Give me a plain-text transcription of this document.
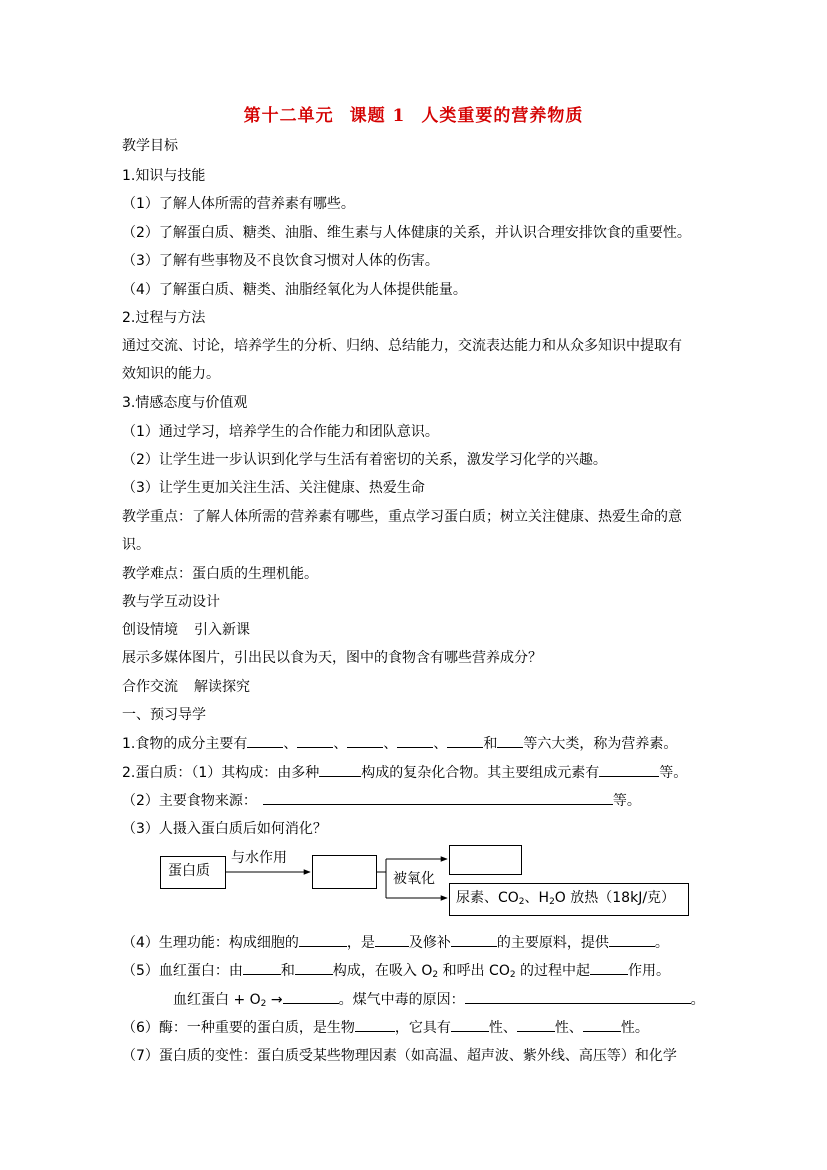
第十二单元 课题 1 人类重要的营养物质
教学目标
1.知识与技能
（1）了解人体所需的营养素有哪些。
（2）了解蛋白质、糖类、油脂、维生素与人体健康的关系，并认识合理安排饮食的重要性。
（3）了解有些事物及不良饮食习惯对人体的伤害。
（4）了解蛋白质、糖类、油脂经氧化为人体提供能量。
2.过程与方法
通过交流、讨论，培养学生的分析、归纳、总结能力，交流表达能力和从众多知识中提取有
效知识的能力。
3.情感态度与价值观
（1）通过学习，培养学生的合作能力和团队意识。
（2）让学生进一步认识到化学与生活有着密切的关系，激发学习化学的兴趣。
（3）让学生更加关注生活、关注健康、热爱生命
教学重点：了解人体所需的营养素有哪些，重点学习蛋白质；树立关注健康、热爱生命的意
识。
教学难点：蛋白质的生理机能。
教与学互动设计
创设情境 引入新课
展示多媒体图片，引出民以食为天，图中的食物含有哪些营养成分？
合作交流 解读探究
一、预习导学
1.食物的成分主要有	、	、	、	、	和 等六大类，称为营养素。
2.蛋白质：（1）其构成：由多种	构成的复杂化合物。其主要组成元素有	等。
（2）主要食物来源：	等。
（3）人摄入蛋白质后如何消化？
蛋白质
与水作用
被氧化
尿素、$CO_2$、$H_2O$ 放热（18kJ/克）
（4）生理功能：构成细胞的	，是 及修补	的主要原料，提供	。
（5）血红蛋白：由	和	构成，在吸入 $O_2$ 和呼出 $CO_2$ 的过程中起	作用。
血红蛋白 + $O_2$ →	。煤气中毒的原因：	。
（6）酶：一种重要的蛋白质，是生物	，它具有	性、	性、	性。
（7）蛋白质的变性：蛋白质受某些物理因素（如高温、超声波、紫外线、高压等）和化学
